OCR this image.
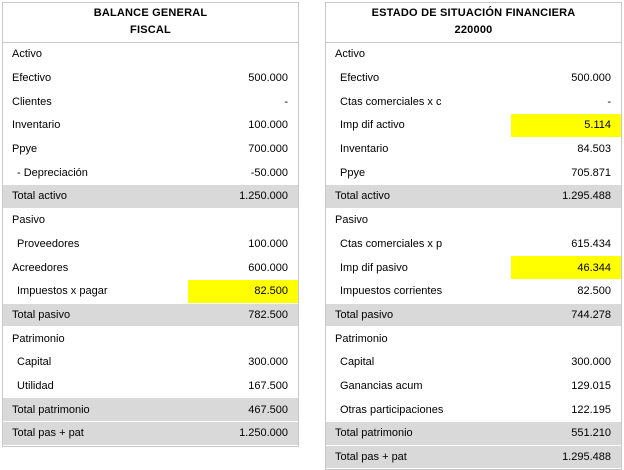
BALANCE GENERAL
FISCAL
Activo
Efectivo	500.000
Clientes	-
Inventario	100.000
Ppye	700.000
- Depreciación	-50.000
Total activo	1.250.000
Pasivo
Proveedores	100.000
Acreedores	600.000
Impuestos x pagar	82.500
Total pasivo	782.500
Patrimonio
Capital	300.000
Utilidad	167.500
Total patrimonio	467.500
Total pas + pat	1.250.000
ESTADO DE SITUACIÓN FINANCIERA
220000
Activo
Efectivo	500.000
Ctas comerciales x c	-
Imp dif activo	5.114
Inventario	84.503
Ppye	705.871
Total activo	1.295.488
Pasivo
Ctas comerciales x p	615.434
Imp dif pasivo	46.344
Impuestos corrientes	82.500
Total pasivo	744.278
Patrimonio
Capital	300.000
Ganancias acum	129.015
Otras participaciones	122.195
Total patrimonio	551.210
Total pas + pat	1.295.488
